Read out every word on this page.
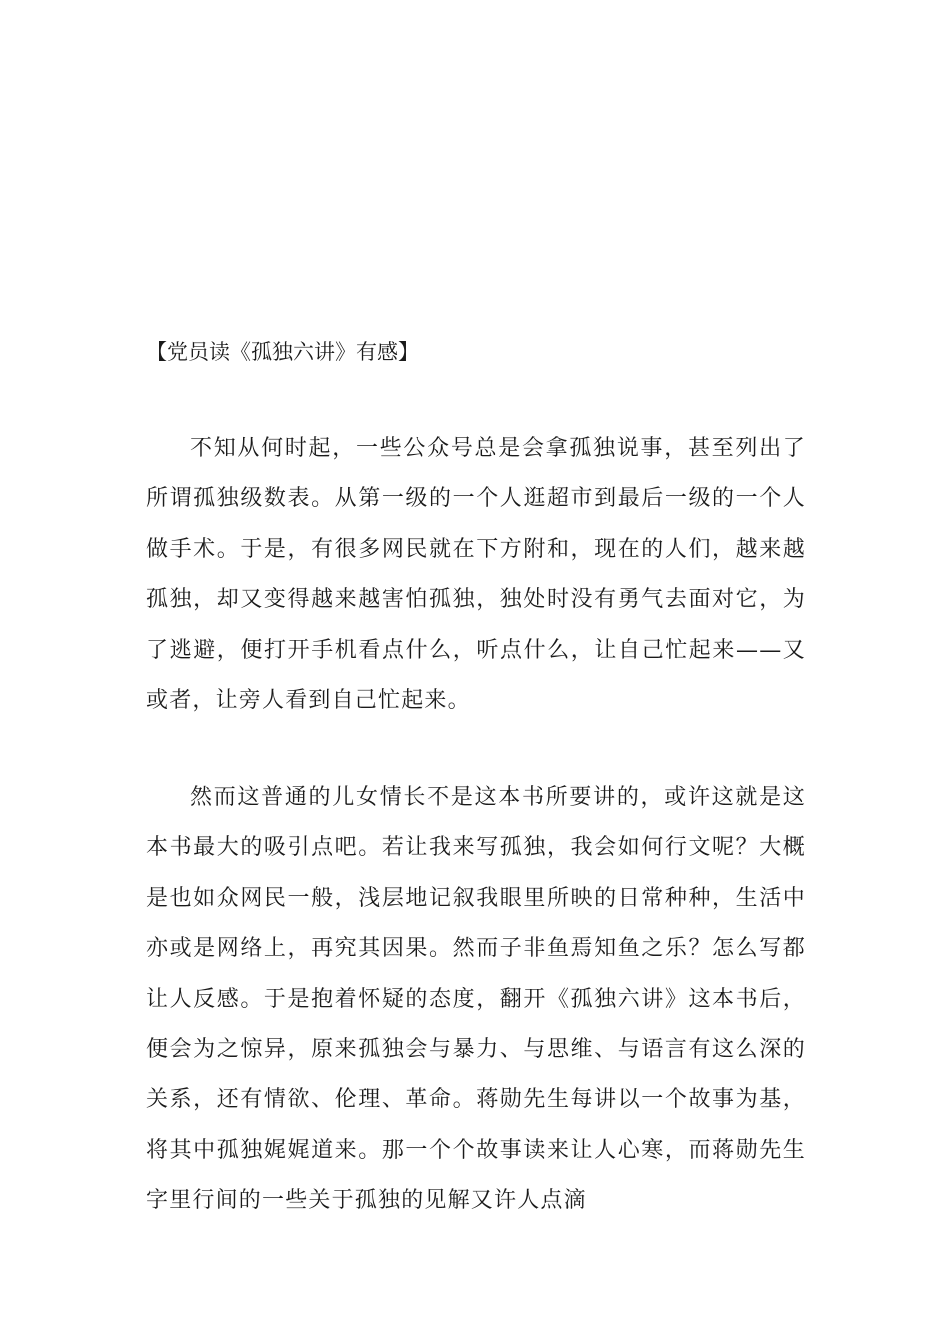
【党员读《孤独六讲》有感】

不知从何时起，一些公众号总是会拿孤独说事，甚至列出了所谓孤独级数表。从第一级的一个人逛超市到最后一级的一个人做手术。于是，有很多网民就在下方附和，现在的人们，越来越孤独，却又变得越来越害怕孤独，独处时没有勇气去面对它，为了逃避，便打开手机看点什么，听点什么，让自己忙起来——又或者，让旁人看到自己忙起来。

然而这普通的儿女情长不是这本书所要讲的，或许这就是这本书最大的吸引点吧。若让我来写孤独，我会如何行文呢？大概是也如众网民一般，浅层地记叙我眼里所映的日常种种，生活中亦或是网络上，再究其因果。然而子非鱼焉知鱼之乐？怎么写都让人反感。于是抱着怀疑的态度，翻开《孤独六讲》这本书后，便会为之惊异，原来孤独会与暴力、与思维、与语言有这么深的关系，还有情欲、伦理、革命。蒋勋先生每讲以一个故事为基，将其中孤独娓娓道来。那一个个故事读来让人心寒，而蒋勋先生字里行间的一些关于孤独的见解又许人点滴
